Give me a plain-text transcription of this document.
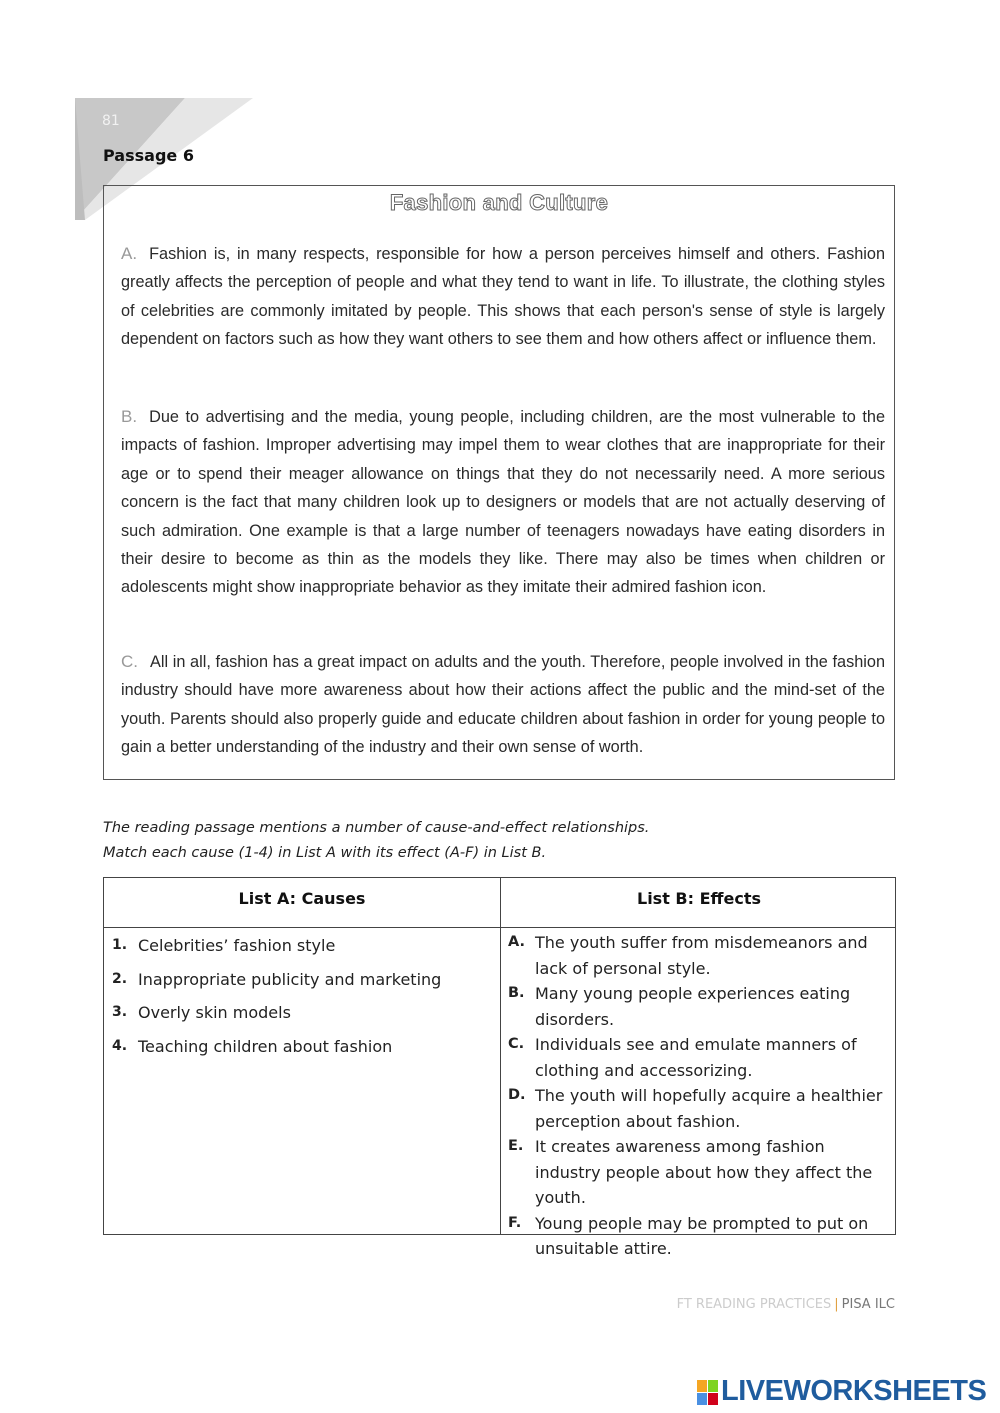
81
Passage 6
Fashion and Culture
A. Fashion is, in many respects, responsible for how a person perceives himself and others. Fashion greatly affects the perception of people and what they tend to want in life. To illustrate, the clothing styles of celebrities are commonly imitated by people. This shows that each person's sense of style is largely dependent on factors such as how they want others to see them and how others affect or influence them.
B. Due to advertising and the media, young people, including children, are the most vulnerable to the impacts of fashion. Improper advertising may impel them to wear clothes that are inappropriate for their age or to spend their meager allowance on things that they do not necessarily need. A more serious concern is the fact that many children look up to designers or models that are not actually deserving of such admiration. One example is that a large number of teenagers nowadays have eating disorders in their desire to become as thin as the models they like. There may also be times when children or adolescents might show inappropriate behavior as they imitate their admired fashion icon.
C. All in all, fashion has a great impact on adults and the youth. Therefore, people involved in the fashion industry should have more awareness about how their actions affect the public and the mind-set of the youth. Parents should also properly guide and educate children about fashion in order for young people to gain a better understanding of the industry and their own sense of worth.
The reading passage mentions a number of cause-and-effect relationships.
Match each cause (1-4) in List A with its effect (A-F) in List B.
List A: Causes	List B: Effects
1. Celebrities’ fashion style
2. Inappropriate publicity and marketing
3. Overly skin models
4. Teaching children about fashion
A. The youth suffer from misdemeanors and lack of personal style.
B. Many young people experiences eating disorders.
C. Individuals see and emulate manners of clothing and accessorizing.
D. The youth will hopefully acquire a healthier perception about fashion.
E. It creates awareness among fashion industry people about how they affect the youth.
F. Young people may be prompted to put on unsuitable attire.
FT READING PRACTICES | PISA ILC
LIVEWORKSHEETS
